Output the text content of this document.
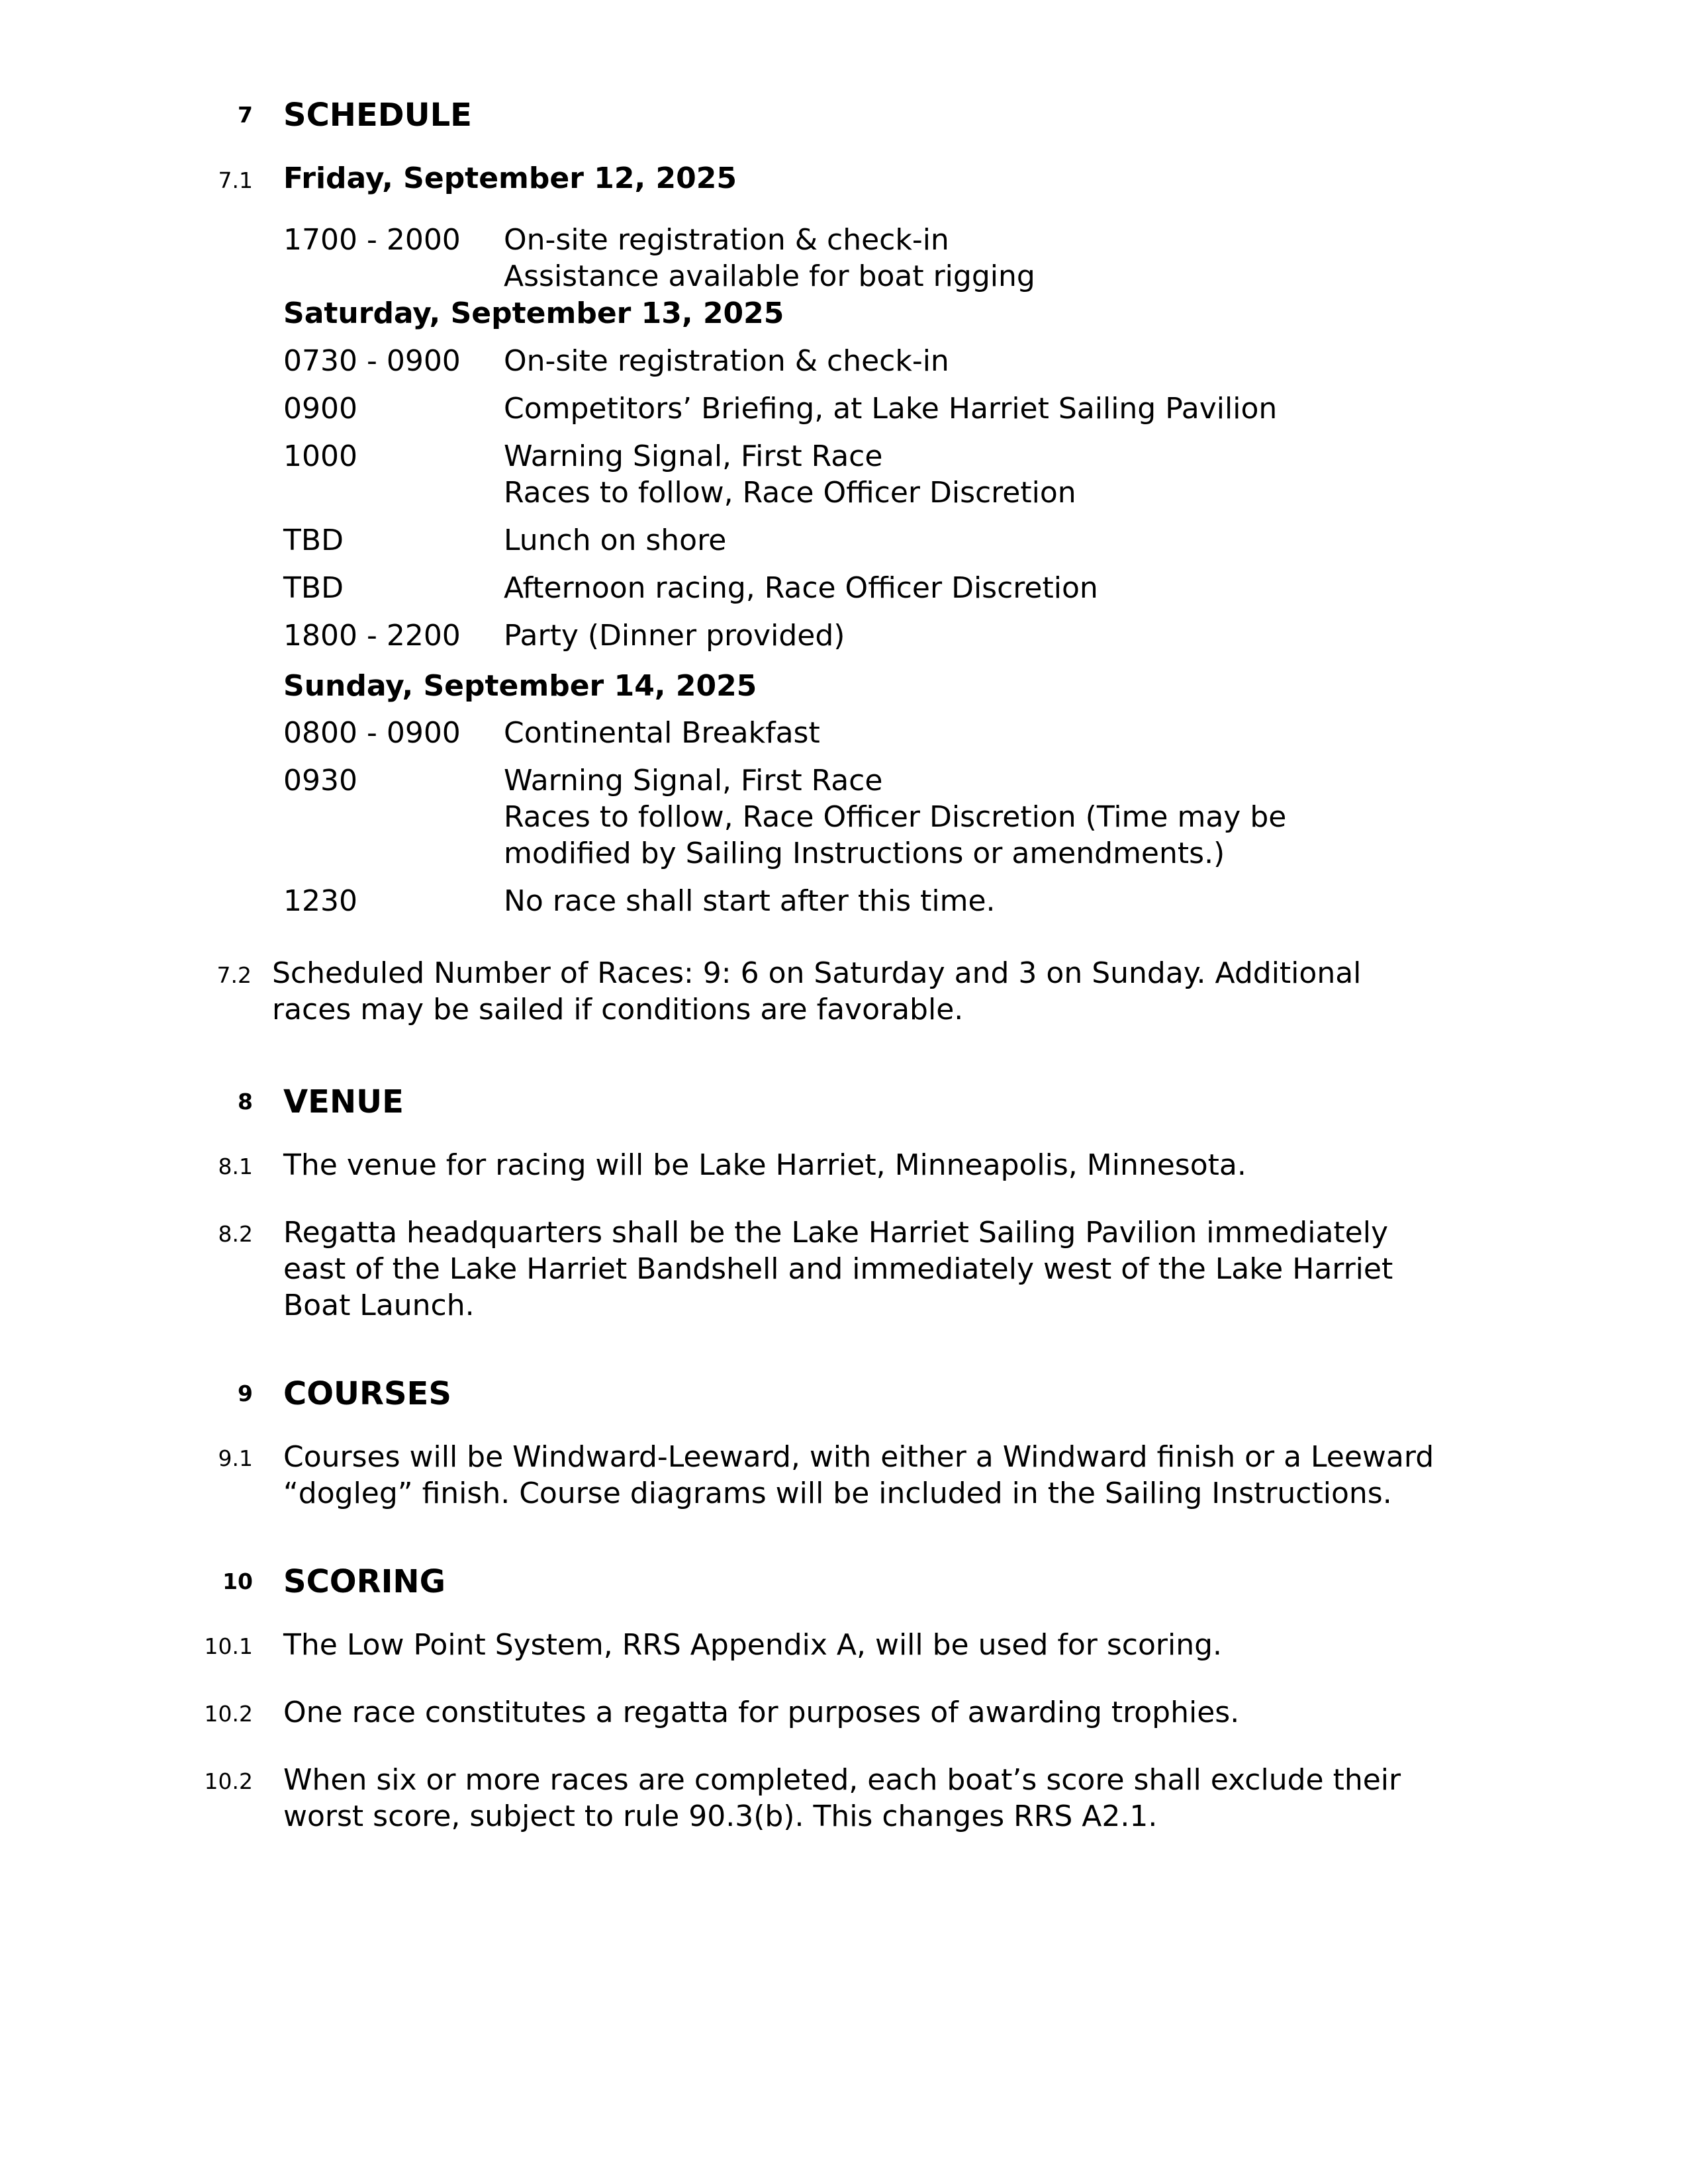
7 SCHEDULE
7.1 Friday, September 12, 2025
1700 - 2000 On-site registration & check-in
Assistance available for boat rigging
Saturday, September 13, 2025
0730 - 0900 On-site registration & check-in
0900	Competitors’ Briefing, at Lake Harriet Sailing Pavilion
1000	Warning Signal, First Race
Races to follow, Race Officer Discretion
TBD	Lunch on shore
TBD	Afternoon racing, Race Officer Discretion
1800 - 2200 Party (Dinner provided)
Sunday, September 14, 2025
0800 - 0900 Continental Breakfast
0930	Warning Signal, First Race
Races to follow, Race Officer Discretion (Time may be
modified by Sailing Instructions or amendments.)
1230	No race shall start after this time.
7.2 Scheduled Number of Races: 9: 6 on Saturday and 3 on Sunday. Additional
races may be sailed if conditions are favorable.
8 VENUE
8.1 The venue for racing will be Lake Harriet, Minneapolis, Minnesota.
8.2 Regatta headquarters shall be the Lake Harriet Sailing Pavilion immediately
east of the Lake Harriet Bandshell and immediately west of the Lake Harriet
Boat Launch.
9 COURSES
9.1 Courses will be Windward-Leeward, with either a Windward finish or a Leeward
“dogleg” finish. Course diagrams will be included in the Sailing Instructions.
10 SCORING
10.1 The Low Point System, RRS Appendix A, will be used for scoring.
10.2 One race constitutes a regatta for purposes of awarding trophies.
10.2 When six or more races are completed, each boat’s score shall exclude their
worst score, subject to rule 90.3(b). This changes RRS A2.1.
